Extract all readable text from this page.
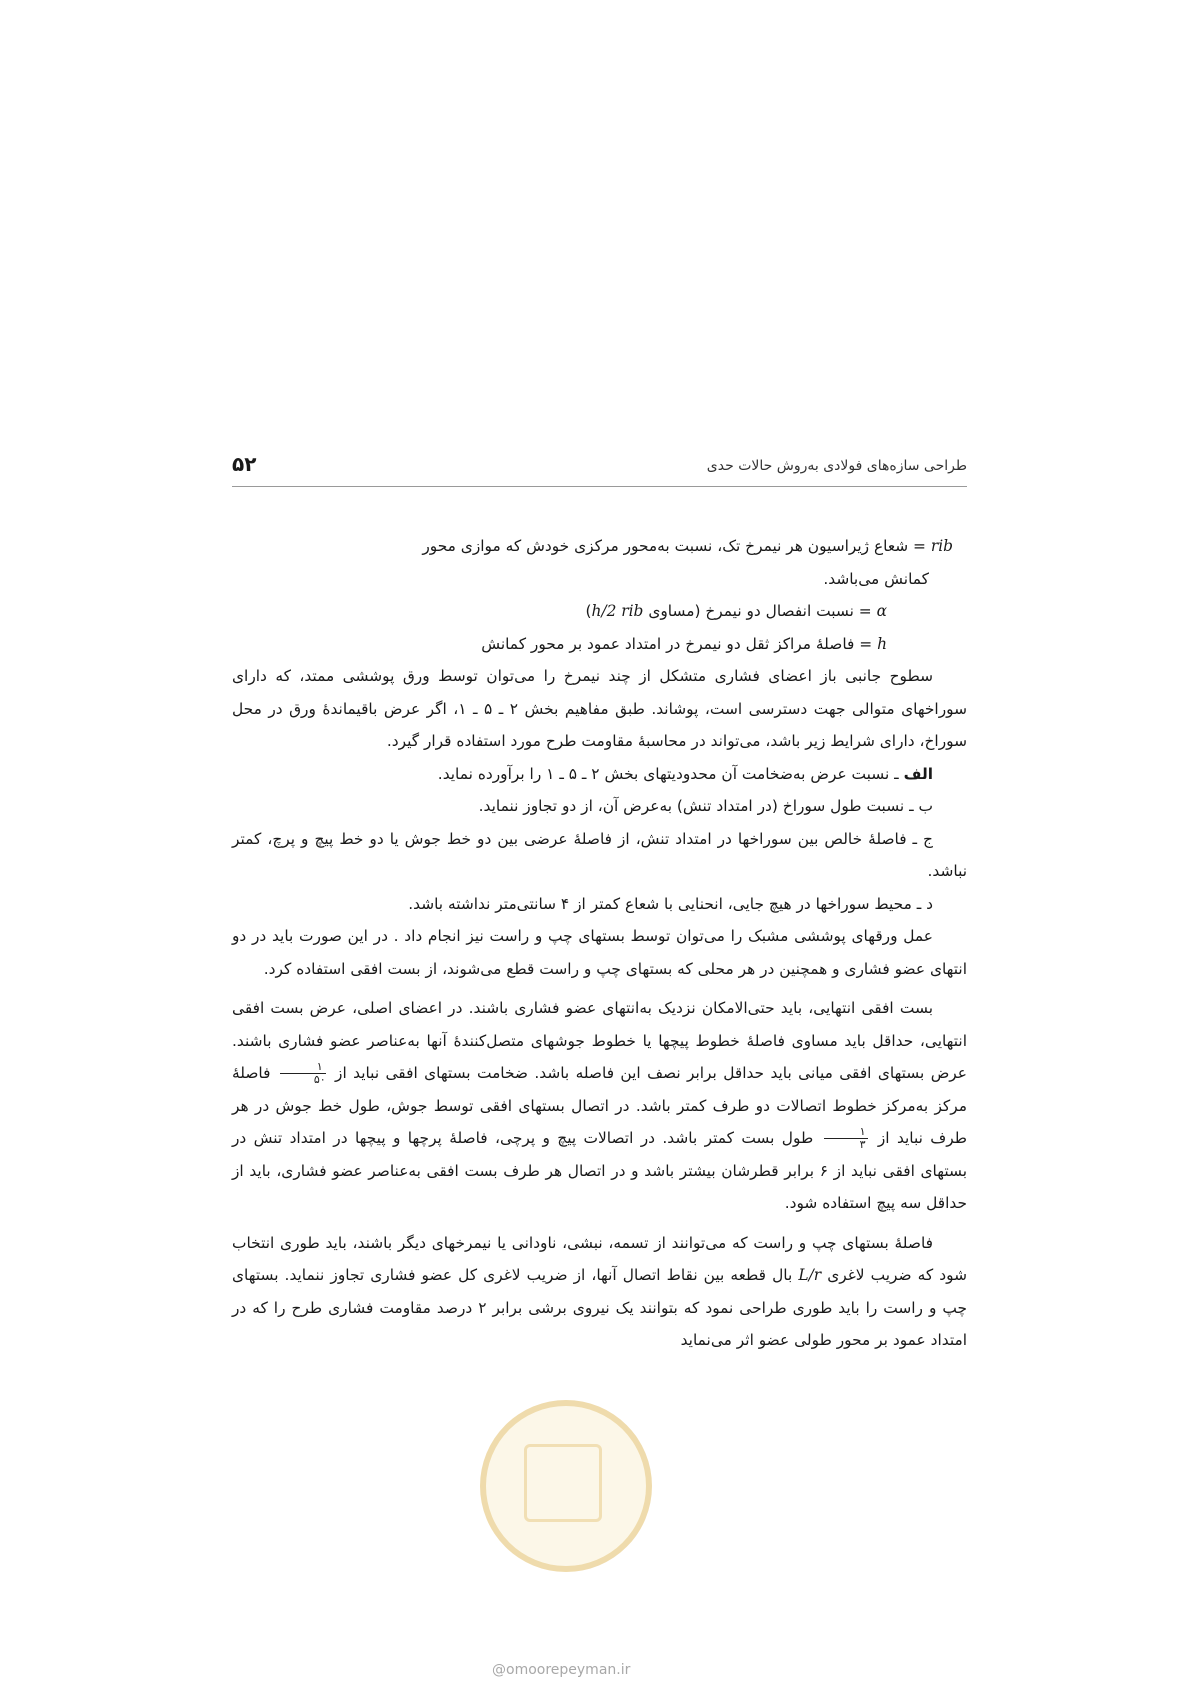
۵۲	طراحی سازه‌های فولادی به‌روش حالات حدی

rib = شعاع ژیراسیون هر نیمرخ تک، نسبت به‌محور مرکزی خودش که موازی محور

کمانش می‌باشد.

α = نسبت انفصال دو نیمرخ (مساوی h/2 rib)

h = فاصلهٔ مراکز ثقل دو نیمرخ در امتداد عمود بر محور کمانش

سطوح جانبی باز اعضای فشاری متشکل از چند نیمرخ را می‌توان توسط ورق پوششی ممتد، که دارای سوراخهای متوالی جهت دسترسی است، پوشاند. طبق مفاهیم بخش ۲ ـ ۵ ـ ۱، اگر عرض باقیماندهٔ ورق در محل سوراخ، دارای شرایط زیر باشد، می‌تواند در محاسبهٔ مقاومت طرح مورد استفاده قرار گیرد.

الف ـ نسبت عرض به‌ضخامت آن محدودیتهای بخش ۲ ـ ۵ ـ ۱ را برآورده نماید.

ب ـ نسبت طول سوراخ (در امتداد تنش) به‌عرض آن، از دو تجاوز ننماید.

ج ـ فاصلهٔ خالص بین سوراخها در امتداد تنش، از فاصلهٔ عرضی بین دو خط جوش یا دو خط پیچ و پرچ، کمتر نباشد.

د ـ محیط سوراخها در هیچ جایی، انحنایی با شعاع کمتر از ۴ سانتی‌متر نداشته باشد.

عمل ورقهای پوششی مشبک را می‌توان توسط بستهای چپ و راست نیز انجام داد . در این صورت باید در دو انتهای عضو فشاری و همچنین در هر محلی که بستهای چپ و راست قطع می‌شوند، از بست افقی استفاده کرد.

بست افقی انتهایی، باید حتی‌الامکان نزدیک به‌انتهای عضو فشاری باشند. در اعضای اصلی، عرض بست افقی انتهایی، حداقل باید مساوی فاصلهٔ خطوط پیچها یا خطوط جوشهای متصل‌کنندهٔ آنها به‌عناصر عضو فشاری باشند. عرض بستهای افقی میانی باید حداقل برابر نصف این فاصله باشد. ضخامت بستهای افقی نباید از
$\frac{۱}{۵۰}$
فاصلهٔ مرکز به‌مرکز خطوط اتصالات دو طرف کمتر باشد. در اتصال بستهای افقی توسط جوش، طول خط جوش در هر طرف نباید از
$\frac{۱}{۳}$
طول بست کمتر باشد. در اتصالات پیچ و پرچی، فاصلهٔ پرچها و پیچها در امتداد تنش در بستهای افقی نباید از ۶ برابر قطرشان بیشتر باشد و در اتصال هر طرف بست افقی به‌عناصر عضو فشاری، باید از حداقل سه پیچ استفاده شود.

فاصلهٔ بستهای چپ و راست که می‌توانند از تسمه، نبشی، ناودانی یا نیمرخهای دیگر باشند، باید طوری انتخاب شود که ضریب لاغری L/r بال قطعه بین نقاط اتصال آنها، از ضریب لاغری کل عضو فشاری تجاوز ننماید. بستهای چپ و راست را باید طوری طراحی نمود که بتوانند یک نیروی برشی برابر ۲ درصد مقاومت فشاری طرح را که در امتداد عمود بر محور طولی عضو اثر می‌نماید

@omoorepeyman.ir
